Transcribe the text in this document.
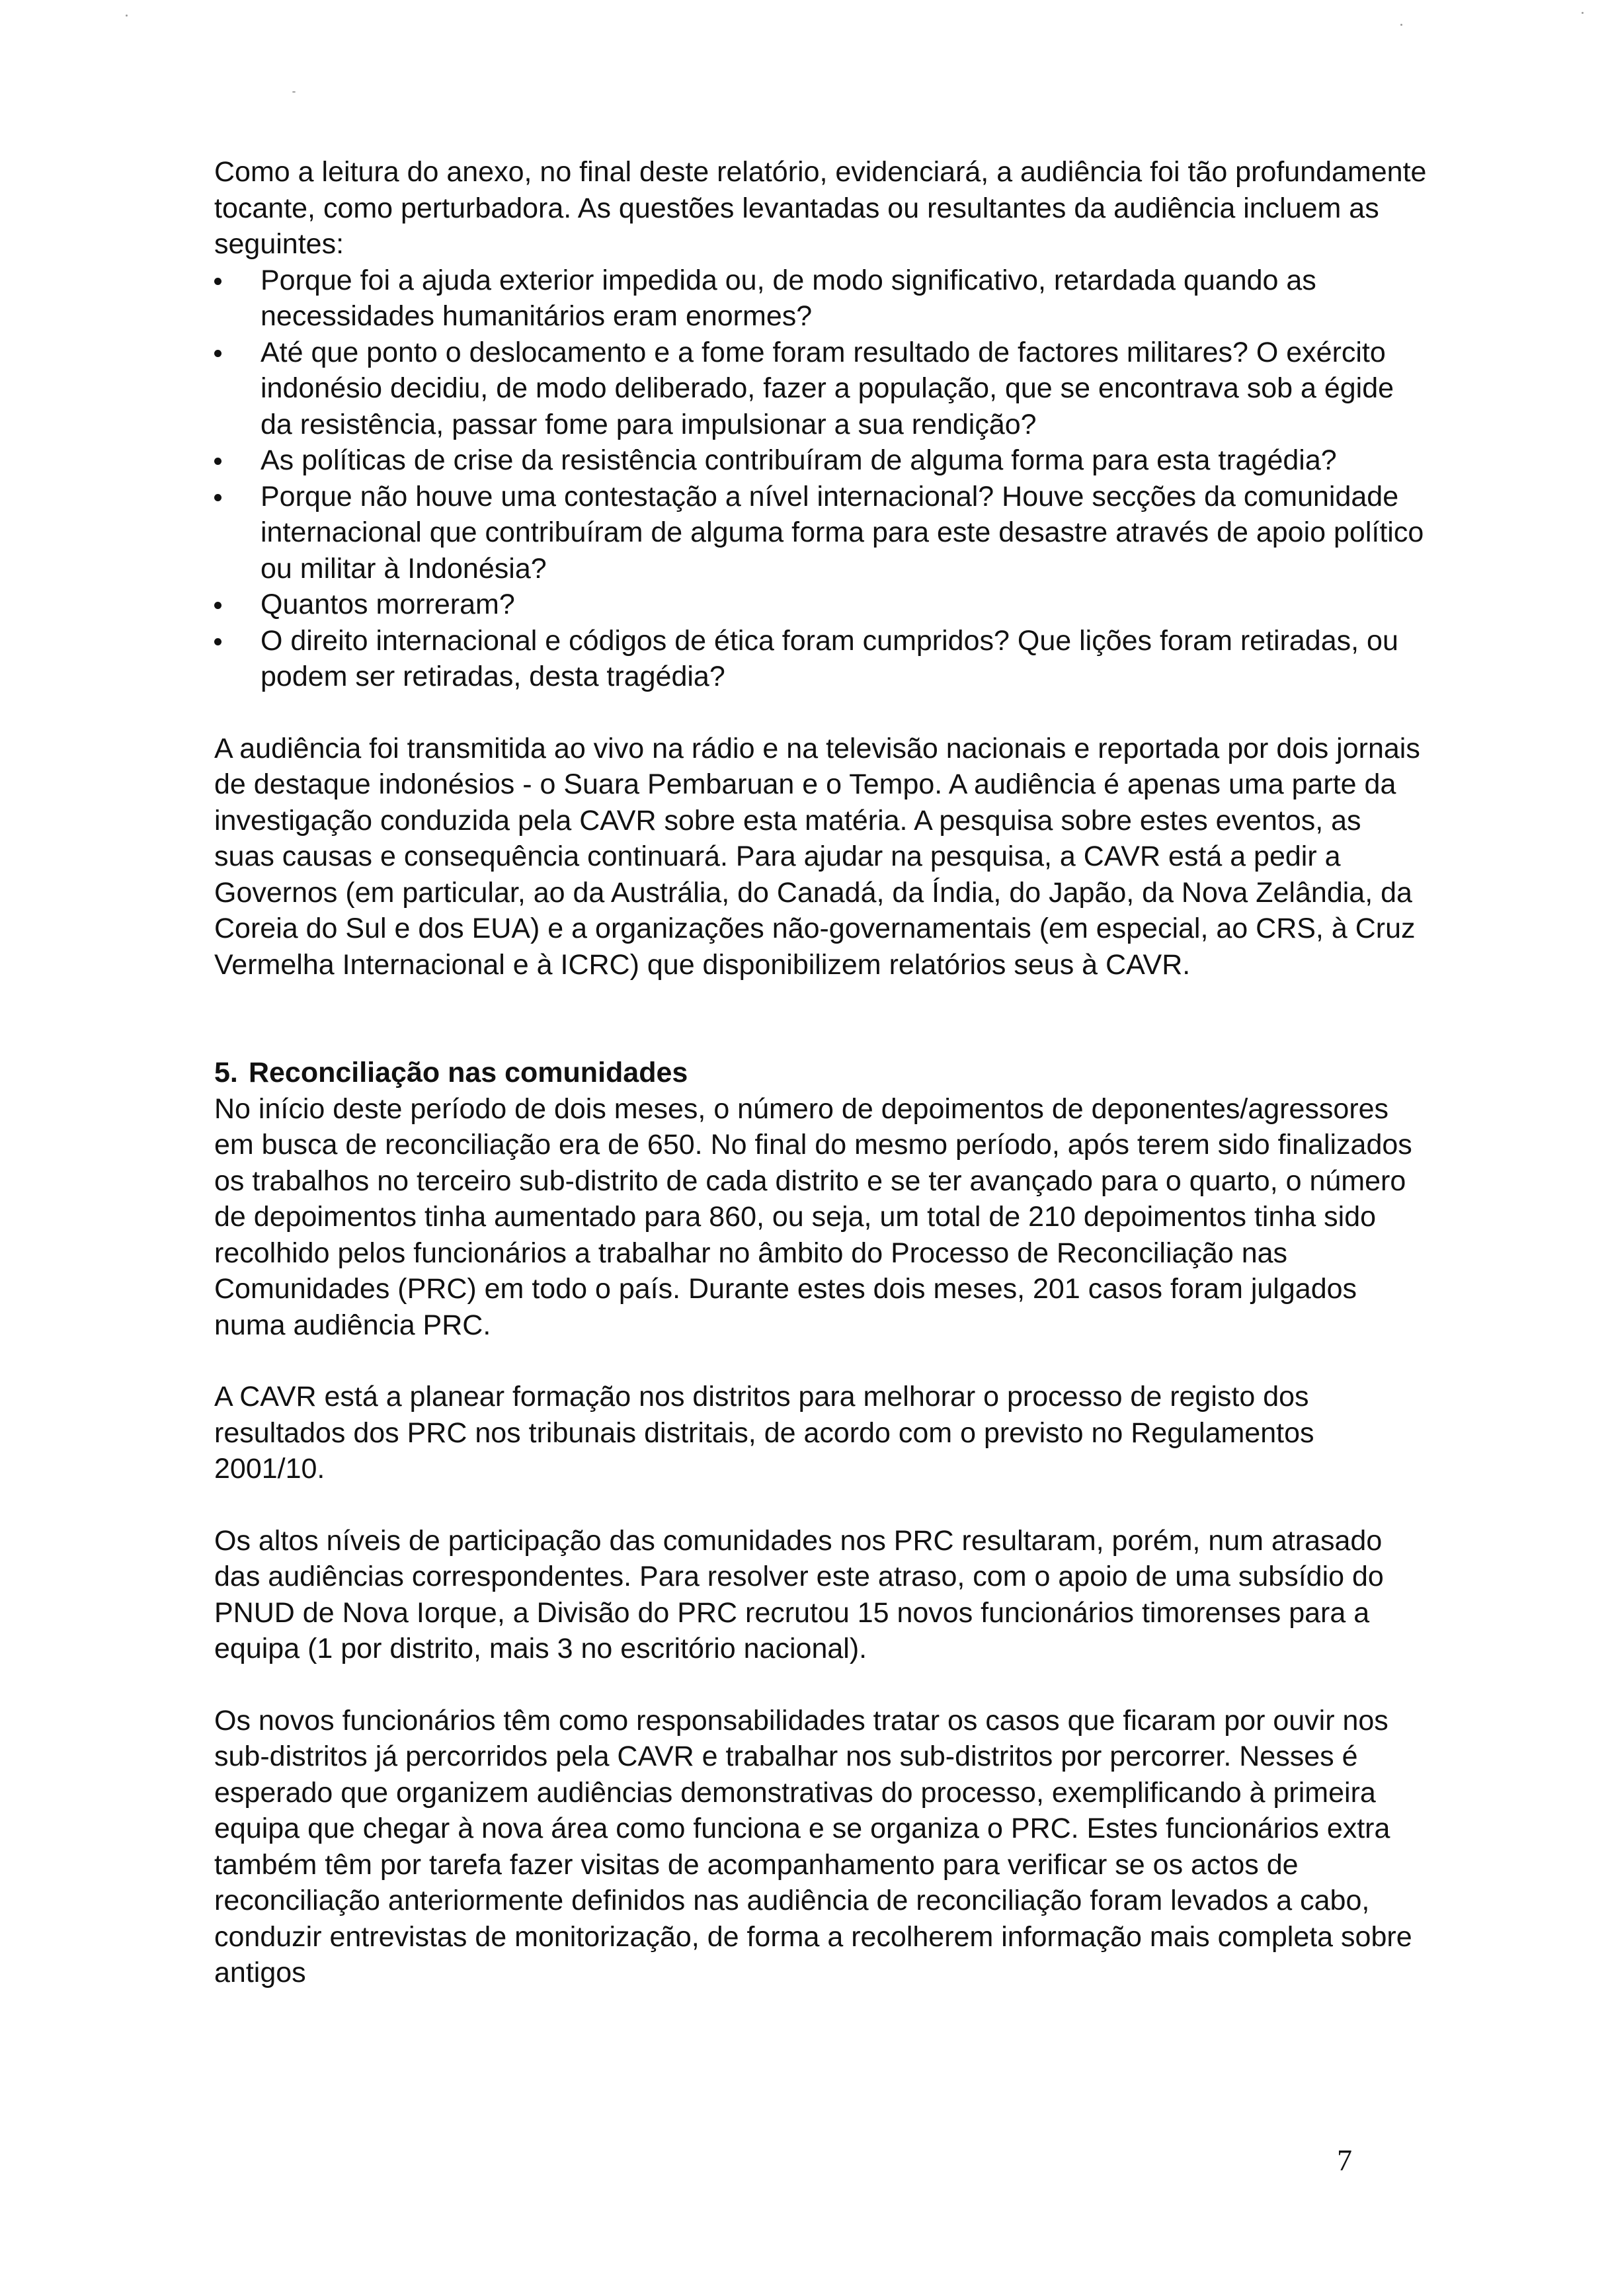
Como a leitura do anexo, no final deste relatório, evidenciará, a audiência foi tão profundamente tocante, como perturbadora. As questões levantadas ou resultantes da audiência incluem as seguintes:

Porque foi a ajuda exterior impedida ou, de modo significativo, retardada quando as necessidades humanitários eram enormes?
Até que ponto o deslocamento e a fome foram resultado de factores militares? O exército indonésio decidiu, de modo deliberado, fazer a população, que se encontrava sob a égide da resistência, passar fome para impulsionar a sua rendição?
As políticas de crise da resistência contribuíram de alguma forma para esta tragédia?
Porque não houve uma contestação a nível internacional? Houve secções da comunidade internacional que contribuíram de alguma forma para este desastre através de apoio político ou militar à Indonésia?
Quantos morreram?
O direito internacional e códigos de ética foram cumpridos? Que lições foram retiradas, ou podem ser retiradas, desta tragédia?

A audiência foi transmitida ao vivo na rádio e na televisão nacionais e reportada por dois jornais de destaque indonésios - o Suara Pembaruan e o Tempo. A audiência é apenas uma parte da investigação conduzida pela CAVR sobre esta matéria. A pesquisa sobre estes eventos, as suas causas e consequência continuará. Para ajudar na pesquisa, a CAVR está a pedir a Governos (em particular, ao da Austrália, do Canadá, da Índia, do Japão, da Nova Zelândia, da Coreia do Sul e dos EUA) e a organizações não-governamentais (em especial, ao CRS, à Cruz Vermelha Internacional e à ICRC) que disponibilizem relatórios seus à CAVR.

5. Reconciliação nas comunidades

No início deste período de dois meses, o número de depoimentos de deponentes/agressores em busca de reconciliação era de 650. No final do mesmo período, após terem sido finalizados os trabalhos no terceiro sub-distrito de cada distrito e se ter avançado para o quarto, o número de depoimentos tinha aumentado para 860, ou seja, um total de 210 depoimentos tinha sido recolhido pelos funcionários a trabalhar no âmbito do Processo de Reconciliação nas Comunidades (PRC) em todo o país. Durante estes dois meses, 201 casos foram julgados numa audiência PRC.

A CAVR está a planear formação nos distritos para melhorar o processo de registo dos resultados dos PRC nos tribunais distritais, de acordo com o previsto no Regulamentos 2001/10.

Os altos níveis de participação das comunidades nos PRC resultaram, porém, num atrasado das audiências correspondentes. Para resolver este atraso, com o apoio de uma subsídio do PNUD de Nova Iorque, a Divisão do PRC recrutou 15 novos funcionários timorenses para a equipa (1 por distrito, mais 3 no escritório nacional).

Os novos funcionários têm como responsabilidades tratar os casos que ficaram por ouvir nos sub-distritos já percorridos pela CAVR e trabalhar nos sub-distritos por percorrer. Nesses é esperado que organizem audiências demonstrativas do processo, exemplificando à primeira equipa que chegar à nova área como funciona e se organiza o PRC. Estes funcionários extra também têm por tarefa fazer visitas de acompanhamento para verificar se os actos de reconciliação anteriormente definidos nas audiência de reconciliação foram levados a cabo, conduzir entrevistas de monitorização, de forma a recolherem informação mais completa sobre antigos

7
